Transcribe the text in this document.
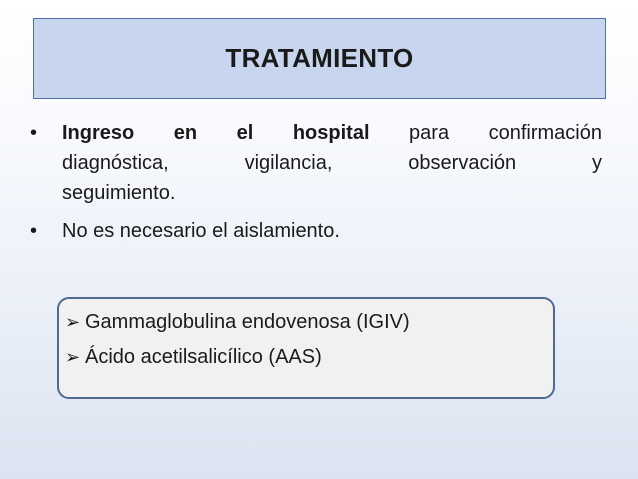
TRATAMIENTO
• Ingreso en el hospital para confirmación
diagnóstica, vigilancia, observación y
seguimiento.
• No es necesario el aislamiento.
➢ Gammaglobulina endovenosa (IGIV)
➢ Ácido acetilsalicílico (AAS)
